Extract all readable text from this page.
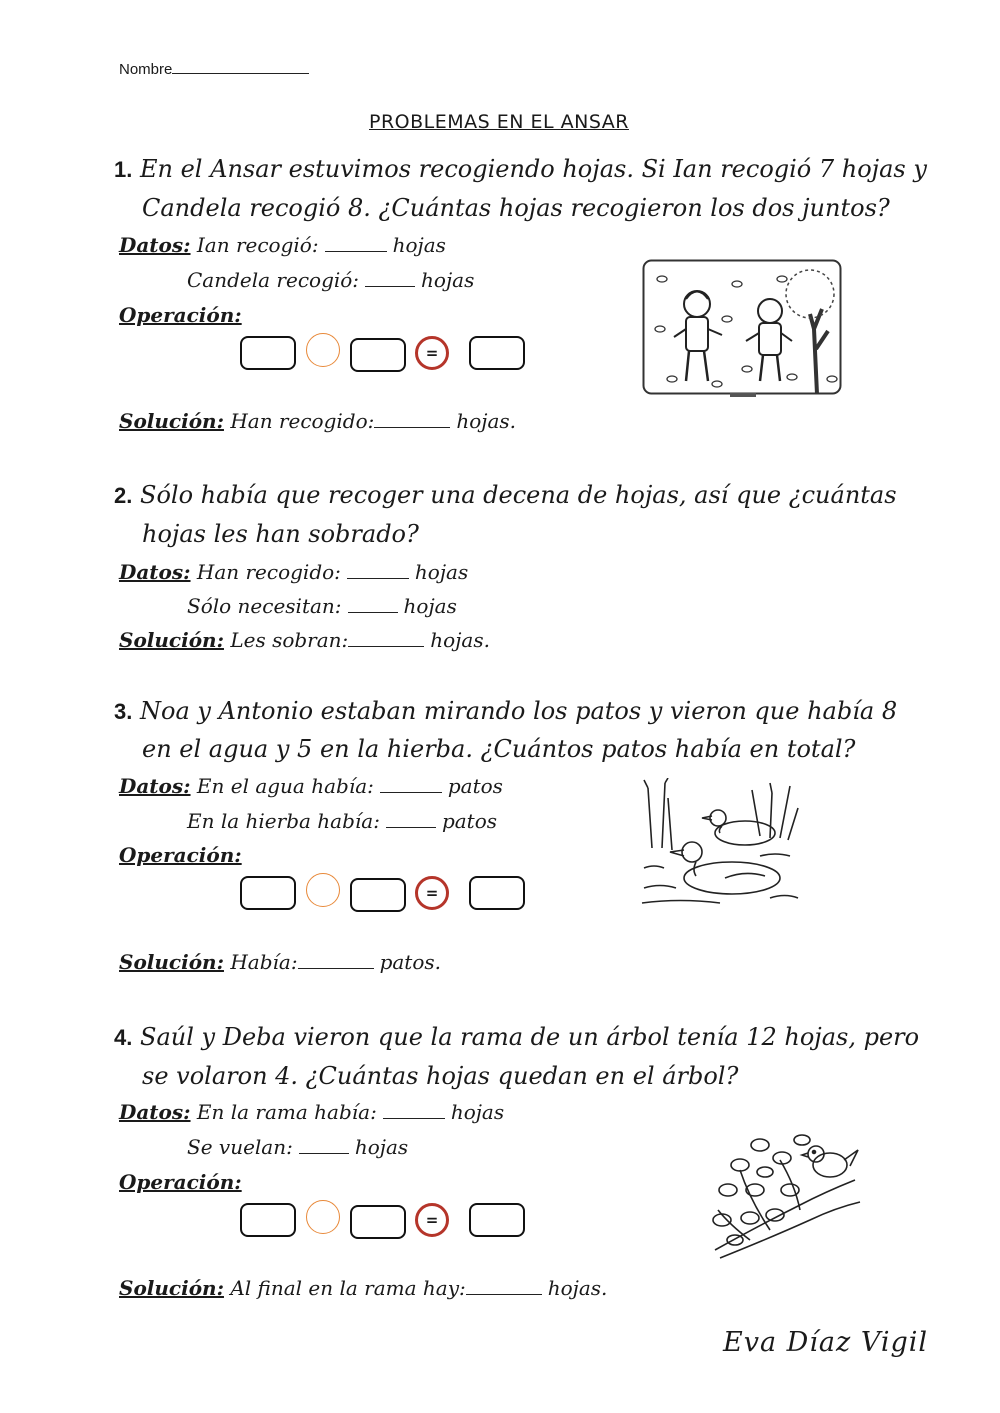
Nombre
PROBLEMAS EN EL ANSAR
1. En el Ansar estuvimos recogiendo hojas. Si Ian recogió 7 hojas y
Candela recogió 8. ¿Cuántas hojas recogieron los dos juntos?
Datos: Ian recogió:	hojas
Candela recogió:	hojas
Operación:
=
Solución: Han recogido:	hojas.
2. Sólo había que recoger una decena de hojas, así que ¿cuántas
hojas les han sobrado?
Datos: Han recogido:	hojas
Sólo necesitan:	hojas
Solución: Les sobran:	hojas.
3. Noa y Antonio estaban mirando los patos y vieron que había 8
en el agua y 5 en la hierba. ¿Cuántos patos había en total?
Datos: En el agua había:	patos
En la hierba había:	patos
Operación:
=
Solución: Había:	patos.
4. Saúl y Deba vieron que la rama de un árbol tenía 12 hojas, pero
se volaron 4. ¿Cuántas hojas quedan en el árbol?
Datos: En la rama había:	hojas
Se vuelan:	hojas
Operación:
=
Solución: Al final en la rama hay:	hojas.
Eva Díaz Vigil
